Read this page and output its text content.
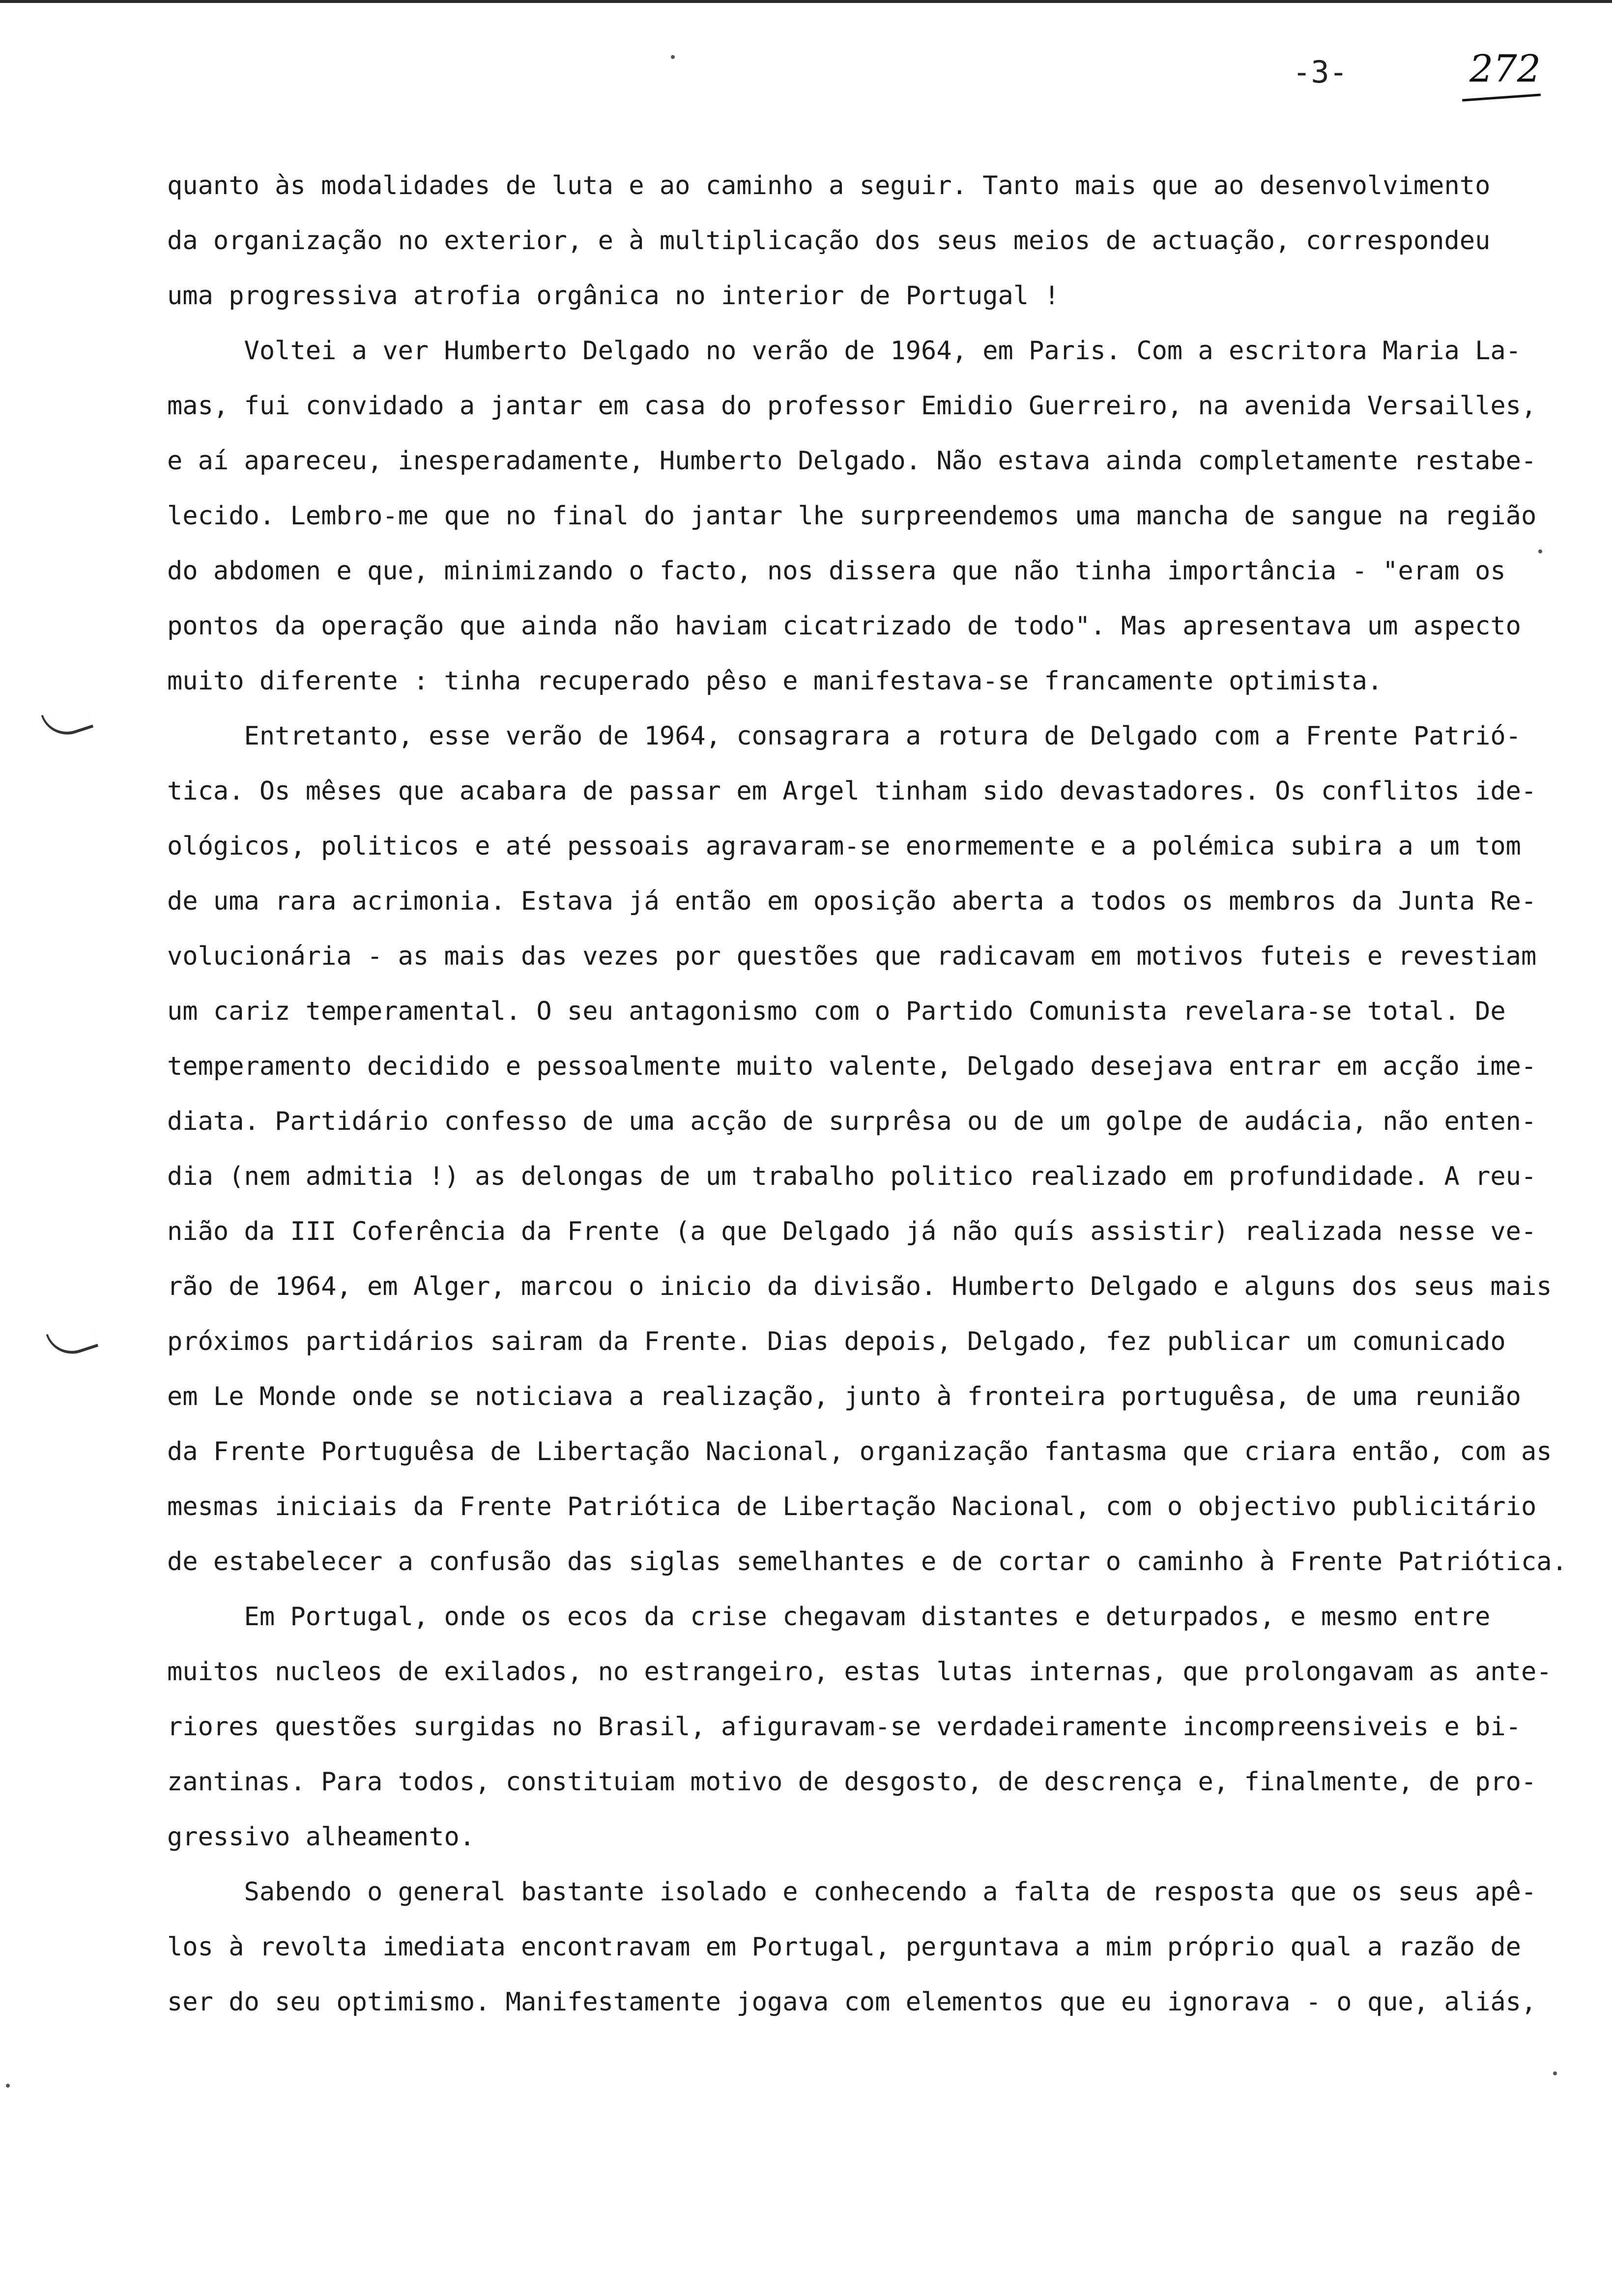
-3-	272
quanto às modalidades de luta e ao caminho a seguir. Tanto mais que ao desenvolvimento
da organização no exterior, e à multiplicação dos seus meios de actuação, correspondeu
uma progressiva atrofia orgânica no interior de Portugal !
Voltei a ver Humberto Delgado no verão de 1964, em Paris. Com a escritora Maria La-
mas, fui convidado a jantar em casa do professor Emidio Guerreiro, na avenida Versailles,
e aí apareceu, inesperadamente, Humberto Delgado. Não estava ainda completamente restabe-
lecido. Lembro-me que no final do jantar lhe surpreendemos uma mancha de sangue na região
do abdomen e que, minimizando o facto, nos dissera que não tinha importância - "eram os
pontos da operação que ainda não haviam cicatrizado de todo". Mas apresentava um aspecto
muito diferente : tinha recuperado pêso e manifestava-se francamente optimista.
Entretanto, esse verão de 1964, consagrara a rotura de Delgado com a Frente Patrió-
tica. Os mêses que acabara de passar em Argel tinham sido devastadores. Os conflitos ide-
ológicos, politicos e até pessoais agravaram-se enormemente e a polémica subira a um tom
de uma rara acrimonia. Estava já então em oposição aberta a todos os membros da Junta Re-
volucionária - as mais das vezes por questões que radicavam em motivos futeis e revestiam
um cariz temperamental. O seu antagonismo com o Partido Comunista revelara-se total. De
temperamento decidido e pessoalmente muito valente, Delgado desejava entrar em acção ime-
diata. Partidário confesso de uma acção de surprêsa ou de um golpe de audácia, não enten-
dia (nem admitia !) as delongas de um trabalho politico realizado em profundidade. A reu-
nião da III Coferência da Frente (a que Delgado já não quís assistir) realizada nesse ve-
rão de 1964, em Alger, marcou o inicio da divisão. Humberto Delgado e alguns dos seus mais
próximos partidários sairam da Frente. Dias depois, Delgado, fez publicar um comunicado
em Le Monde onde se noticiava a realização, junto à fronteira portuguêsa, de uma reunião
da Frente Portuguêsa de Libertação Nacional, organização fantasma que criara então, com as
mesmas iniciais da Frente Patriótica de Libertação Nacional, com o objectivo publicitário
de estabelecer a confusão das siglas semelhantes e de cortar o caminho à Frente Patriótica.
Em Portugal, onde os ecos da crise chegavam distantes e deturpados, e mesmo entre
muitos nucleos de exilados, no estrangeiro, estas lutas internas, que prolongavam as ante-
riores questões surgidas no Brasil, afiguravam-se verdadeiramente incompreensiveis e bi-
zantinas. Para todos, constituiam motivo de desgosto, de descrença e, finalmente, de pro-
gressivo alheamento.
Sabendo o general bastante isolado e conhecendo a falta de resposta que os seus apê-
los à revolta imediata encontravam em Portugal, perguntava a mim próprio qual a razão de
ser do seu optimismo. Manifestamente jogava com elementos que eu ignorava - o que, aliás,
